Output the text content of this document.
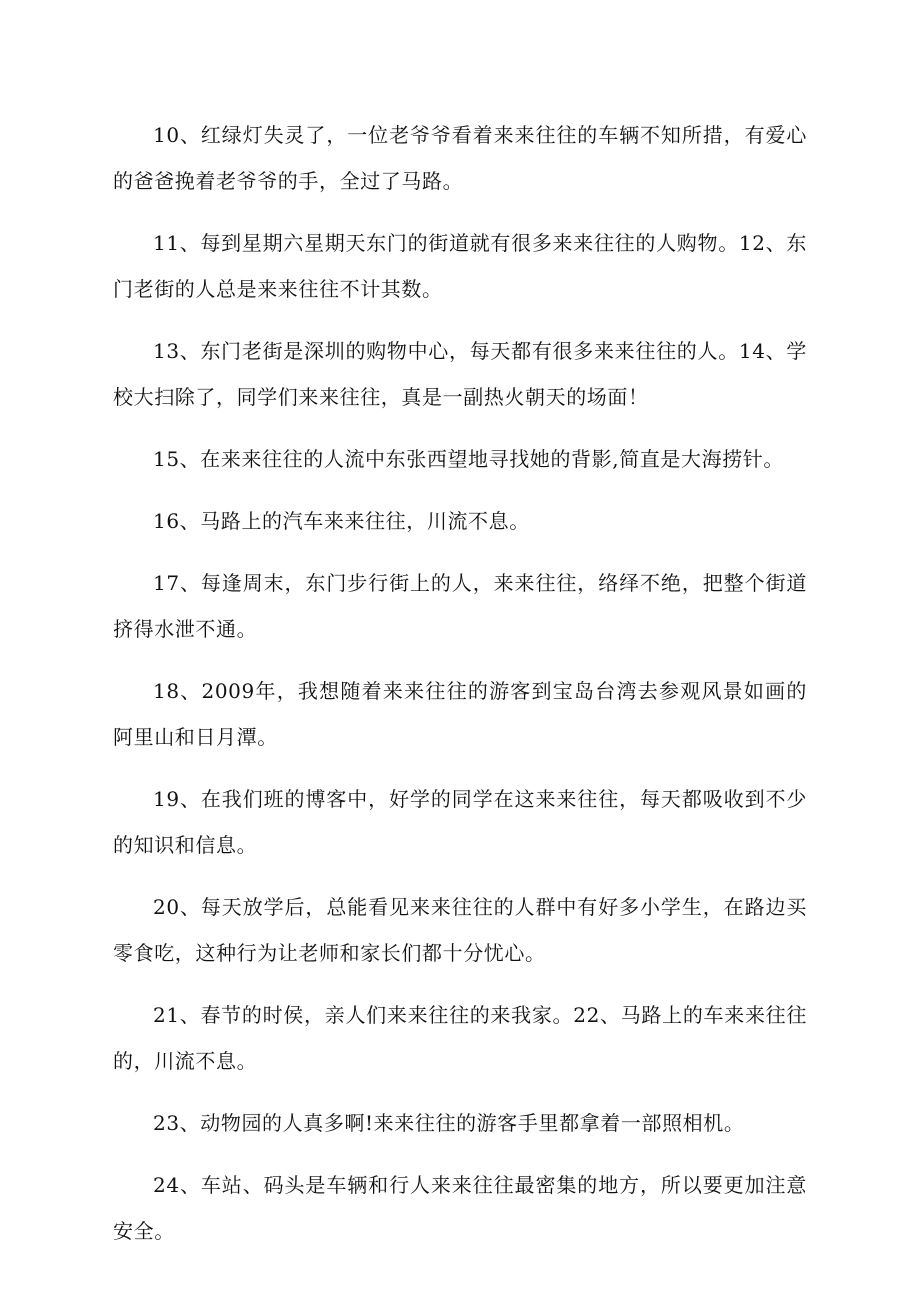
10、红绿灯失灵了，一位老爷爷看着来来往往的车辆不知所措，有爱心的爸爸挽着老爷爷的手，全过了马路。

11、每到星期六星期天东门的街道就有很多来来往往的人购物。12、东门老街的人总是来来往往不计其数。

13、东门老街是深圳的购物中心，每天都有很多来来往往的人。14、学校大扫除了，同学们来来往往，真是一副热火朝天的场面！

15、在来来往往的人流中东张西望地寻找她的背影,简直是大海捞针。

16、马路上的汽车来来往往，川流不息。

17、每逢周末，东门步行街上的人，来来往往，络绎不绝，把整个街道挤得水泄不通。

18、2009年，我想随着来来往往的游客到宝岛台湾去参观风景如画的阿里山和日月潭。

19、在我们班的博客中，好学的同学在这来来往往，每天都吸收到不少的知识和信息。

20、每天放学后，总能看见来来往往的人群中有好多小学生，在路边买零食吃，这种行为让老师和家长们都十分忧心。

21、春节的时侯，亲人们来来往往的来我家。22、马路上的车来来往往的，川流不息。

23、动物园的人真多啊!来来往往的游客手里都拿着一部照相机。

24、车站、码头是车辆和行人来来往往最密集的地方，所以要更加注意安全。
